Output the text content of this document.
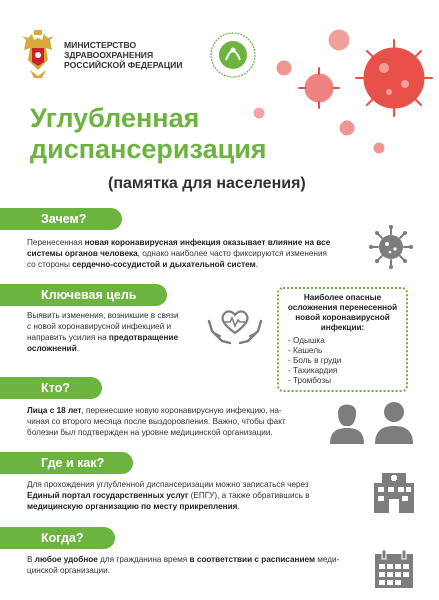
МИНИСТЕРСТВО
ЗДРАВООХРАНЕНИЯ
РОССИЙСКОЙ ФЕДЕРАЦИИ
Углубленная
диспансеризация
(памятка для населения)
Зачем?
Перенесенная новая коронавирусная инфекция оказывает влияние на все
системы органов человека, однако наиболее часто фиксируются изменения
со стороны сердечно-сосудистой и дыхательной систем.
Ключевая цель
Выявить изменения, возникшие в связи
с новой коронавирусной инфекцией и
направить усилия на предотвращение
осложнений.
Наиболее опасные осложнения перенесенной новой коронавирусной инфекции:
- Одышка
- Кашель
- Боль в груди
- Тахикардия
- Тромбозы
Кто?
Лица с 18 лет, перенесшие новую коронавирусную инфекцию, на-
чиная со второго месяца после выздоровления. Важно, чтобы факт
болезни был подтвержден на уровне медицинской организации.
Где и как?
Для прохождения углубленной диспансеризации можно записаться через
Единый портал государственных услуг (ЕПГУ), а также обратившись в
медицинскую организацию по месту прикрепления.
Когда?
В любое удобное для гражданина время в соответствии с расписанием меди-
цинской организации.
